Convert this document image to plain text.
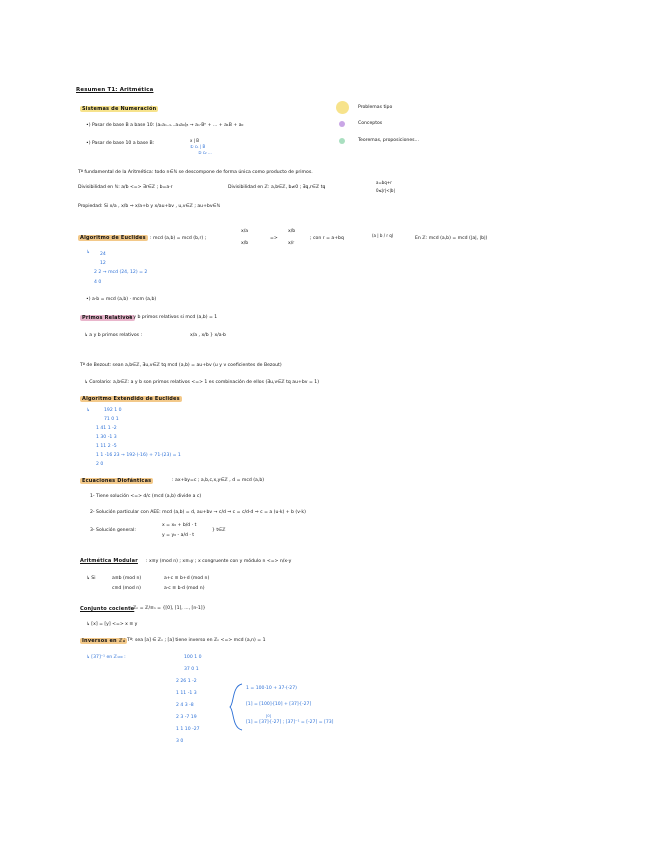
Resumen T1: Aritmética
Problemas tipo
Conceptos
Teoremas, proposiciones...
Sistemas de Numeración
•) Pasar de base B a base 10: (aₙaₙ₋₁...a₁a₀)ᵦ → aₙ·Bⁿ + ... + a₁B + a₀
•) Pasar de base 10 a base B:
x | B
① c₁ | B
② c₂ ...
Tª fundamental de la Aritmética: todo n∈ℕ se descompone de forma única como producto de primos.
Divisibilidad en ℕ: a/b <=> ∃r∈ℤ ; b=a·r	Divisibilidad en ℤ: a,b∈ℤ, b≠0 ; ∃q,r∈ℤ tq
a=bq+r
0≤|r|<|b|
Propiedad: Si x/a , x/b ⇒ x/a+b y x/au+bv , u,v∈ℤ ; au+bv∈ℕ
Algoritmo de Euclides : mcd (a,b) = mcd (b,r) ;
x/a
x/b
=>
x/b
x/r
; con r = a+bq
(a | b / r q)
En ℤ: mcd (a,b) = mcd (|a|, |b|)
↳ 24
12
2 2 → mcd (24, 12) = 2
4 0
•) a·b = mcd (a,b) · mcm (a,b)
Primos Relativos
: a y b primos relativos si mcd (a,b) = 1
↳ a y b primos relativos :	x/a , x/b } x/a·b
Tª de Bezout: sean a,b∈ℤ, ∃u,v∈ℤ tq mcd (a,b) = au+bv (u y v coeficientes de Bezout)
↳ Corolario: a,b∈ℤ: a y b son primos relativos <=> 1 es combinación de ellos (∃u,v∈ℤ tq au+bv = 1)
Algoritmo Extendido de Euclides
↳	192 1 0
71 0 1
1 41 1 -2
1 30 -1 3
1 11 2 -5
1 1 -16 23 → 192·(-16) + 71·(23) = 1
2 0
Ecuaciones Diofánticas	: ax+by=c ; a,b,c,x,y∈ℤ , d = mcd (a,b)
1- Tiene solución <=> d/c (mcd (a,b) divide a c)
2- Solución particular con AEE: mcd (a,b) = d, au+bv → c/d ⇒ c = c/d·d ⇒ c = a (u·k) + b (v·k)
3- Solución general:
x = x₀ + b/d · t
y = y₀ - a/d · t
} t∈ℤ
Aritmética Modular : x≡y (mod n) ; x≡ₙy ; x congruente con y módulo n <=> n/x-y
↳ Si	a≡b (mod n)	a+c ≡ b+d (mod n)
c≡d (mod n)	a·c ≡ b·d (mod n)
Conjunto cociente
: ℤₙ = ℤ/≡ₙ = {[0], [1], ..., [n-1]}
↳ [x] = [y] <=> x ≡ y
Inversos en ℤₙ
: Tª: sea [a] ∈ ℤₙ ; [a] tiene inverso en ℤₙ <=> mcd (a,n) = 1
↳ [37]⁻¹ en ℤ₁₀₀ :	100 1 0
37 0 1
2 26 1 -2
1 11 -1 3
2 4 3 -8
2 3 -7 19
1 1 10 -27
3 0
1 = 100·10 + 37·(-27)
[1] = [100]·[10] + [37]·[-27]
[0]
[1] = [37]·[-27] ; [37]⁻¹ = [-27] = [73]
